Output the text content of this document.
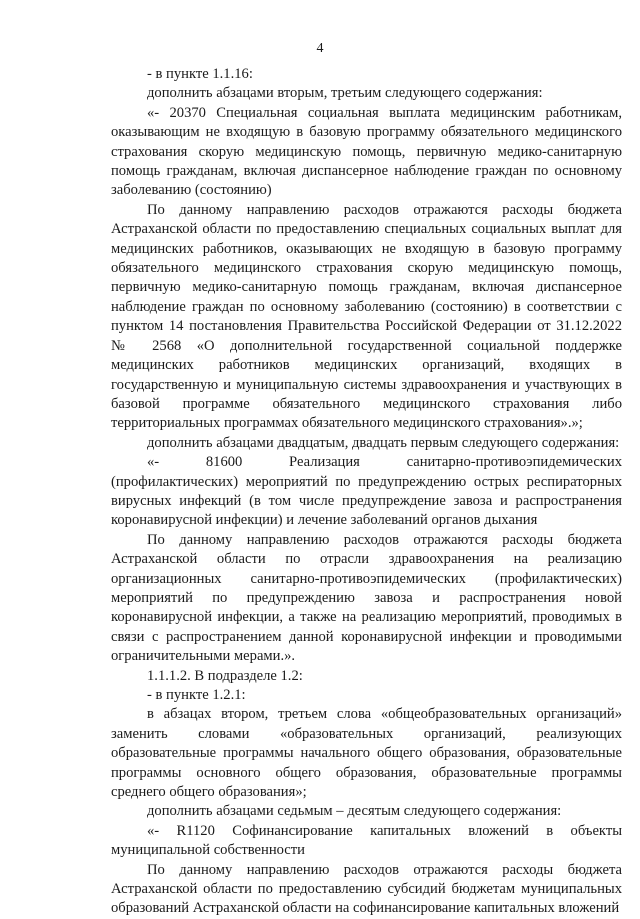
4

- в пункте 1.1.16:

дополнить абзацами вторым, третьим следующего содержания:

«- 20370 Специальная социальная выплата медицинским работникам, оказывающим не входящую в базовую программу обязательного медицинского страхования скорую медицинскую помощь, первичную медико-санитарную помощь гражданам, включая диспансерное наблюдение граждан по основному заболеванию (состоянию)

По данному направлению расходов отражаются расходы бюджета Астраханской области по предоставлению специальных социальных выплат для медицинских работников, оказывающих не входящую в базовую программу обязательного медицинского страхования скорую медицинскую помощь, первичную медико-санитарную помощь гражданам, включая диспансерное наблюдение граждан по основному заболеванию (состоянию) в соответствии с пунктом 14 постановления Правительства Российской Федерации от 31.12.2022 № 2568 «О дополнительной государственной социальной поддержке медицинских работников медицинских организаций, входящих в государственную и муниципальную системы здравоохранения и участвующих в базовой программе обязательного медицинского страхования либо территориальных программах обязательного медицинского страхования».»;

дополнить абзацами двадцатым, двадцать первым следующего содержания:

«- 81600 Реализация санитарно-противоэпидемических (профилактических) мероприятий по предупреждению острых респираторных вирусных инфекций (в том числе предупреждение завоза и распространения коронавирусной инфекции) и лечение заболеваний органов дыхания

По данному направлению расходов отражаются расходы бюджета Астраханской области по отрасли здравоохранения на реализацию организационных санитарно-противоэпидемических (профилактических) мероприятий по предупреждению завоза и распространения новой коронавирусной инфекции, а также на реализацию мероприятий, проводимых в связи с распространением данной коронавирусной инфекции и проводимыми ограничительными мерами.».

1.1.1.2. В подразделе 1.2:

- в пункте 1.2.1:

в абзацах втором, третьем слова «общеобразовательных организаций» заменить словами «образовательных организаций, реализующих образовательные программы начального общего образования, образовательные программы основного общего образования, образовательные программы среднего общего образования»;

дополнить абзацами седьмым – десятым следующего содержания:

«- R1120 Софинансирование капитальных вложений в объекты муниципальной собственности

По данному направлению расходов отражаются расходы бюджета Астраханской области по предоставлению субсидий бюджетам муниципальных образований Астраханской области на софинансирование капитальных вложений
